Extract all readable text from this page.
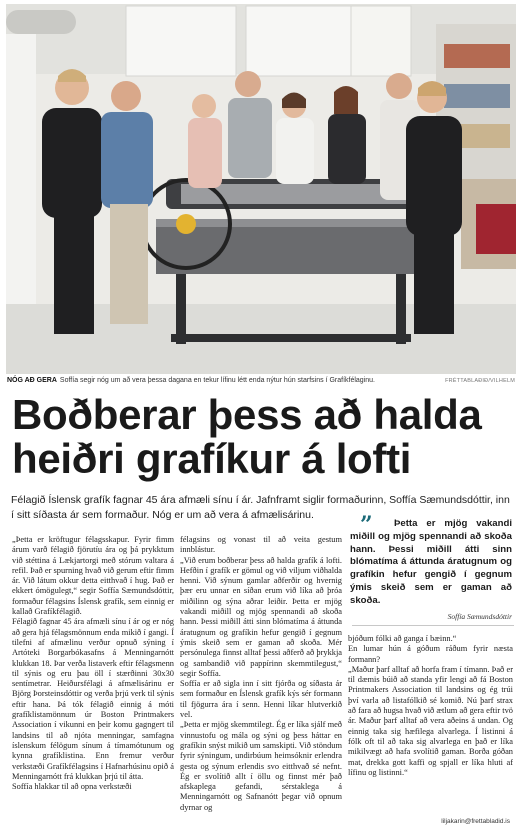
NÓG AÐ GERA Soffía segir nóg um að vera þessa dagana en tekur lífinu létt enda nýtur hún starfsins í Grafíkfélaginu.	FRÉTTABLAÐIÐ/VILHELM
Boðberar þess að halda
heiðri grafíkur á lofti
Félagið Íslensk grafík fagnar 45 ára afmæli sínu í ár. Jafnframt siglir formaðurinn, Soffía Sæmundsdóttir, inn í sitt síðasta ár sem formaður. Nóg er um að vera á afmælisárinu.

„Þetta er kröftugur félagsskapur. Fyrir fimm árum varð félagið fjörutíu ára og þá prykktum við stéttina á Lækjartorgi með stórum valtara á refil. Það er spurning hvað við gerum eftir fimm ár. Við látum okkur detta eitthvað í hug. Það er ekkert ómögulegt,“ segir Soffía Sæmundsdóttir, formaður félagsins Íslensk grafík, sem einnig er kallað Grafíkfélagið.

Félagið fagnar 45 ára afmæli sínu í ár og er nóg að gera hjá félagsmönnum enda mikið í gangi. Í tilefni af afmælinu verður opnuð sýning í Artóteki Borgarbókasafns á Menningarnótt klukkan 18. Þar verða listaverk eftir félagsmenn til sýnis og eru þau öll í stærðinni 30x30 sentímetrar. Heiðursfélagi á afmælisárinu er Björg Þorsteinsdóttir og verða þrjú verk til sýnis eftir hana. Þá tók félagið einnig á móti grafíklistamönnum úr Boston Printmakers Association í vikunni en þeir komu gagngert til landsins til að njóta menningar, samfagna íslenskum félögum sínum á tímamótunum og kynna grafíklistina. Enn fremur verður verkstæði Grafíkfélagsins í Hafnarhúsinu opið á Menningarnótt frá klukkan þrjú til átta.

Soffía hlakkar til að opna verkstæði

félagsins og vonast til að veita gestum innblástur.

„Við erum boðberar þess að halda grafík á lofti. Hefðin í grafík er gömul og við viljum viðhalda henni. Við sýnum gamlar aðferðir og hvernig þær eru unnar en síðan erum við líka að þróa miðilinn og sýna aðrar leiðir. Þetta er mjög vakandi miðill og mjög spennandi að skoða hann. Þessi miðill átti sinn blómatíma á áttunda áratugnum og grafíkin hefur gengið í gegnum ýmis skeið sem er gaman að skoða. Mér persónulega finnst alltaf þessi aðferð að þrykkja og sambandið við pappírinn skemmtilegust,“ segir Soffía.

Soffía er að sigla inn í sitt fjórða og síðasta ár sem formaður en Íslensk grafík kýs sér formann til fjögurra ára í senn. Henni líkar hlutverkið vel.

„Þetta er mjög skemmtilegt. Ég er líka sjálf með vinnustofu og mála og sýni og þess háttar en grafíkin snýst mikið um samskipti. Við stöndum fyrir sýningum, undirbúum heimsóknir erlendra gesta og sýnum erlendis svo eitthvað sé nefnt. Ég er svolítið allt í öllu og finnst mér það afskaplega gefandi, sérstaklega á Menningarnótt og Safnanótt þegar við opnum dyrnar og

”	Þetta er mjög vakandi miðill og mjög spennandi að skoða hann. Þessi miðill átti sinn blómatíma á áttunda áratugnum og grafíkin hefur gengið í gegnum ýmis skeið sem er gaman að skoða.
Soffía Sæmundsdóttir

bjóðum fólki að ganga í bæinn.“

En lumar hún á góðum ráðum fyrir næsta formann?

„Maður þarf alltaf að horfa fram í tímann. Það er til dæmis búið að standa yfir lengi að fá Boston Printmakers Association til landsins og ég trúi því varla að listafólkið sé komið. Nú þarf strax að fara að hugsa hvað við ætlum að gera eftir tvö ár. Maður þarf alltaf að vera aðeins á undan. Og einnig taka sig hæfilega alvarlega. Í listinni á fólk oft til að taka sig alvarlega en það er líka mikilvægt að hafa svolítið gaman. Borða góðan mat, drekka gott kaffi og spjall er líka hluti af lífinu og listinni.“

liljakarin@frettabladid.is
